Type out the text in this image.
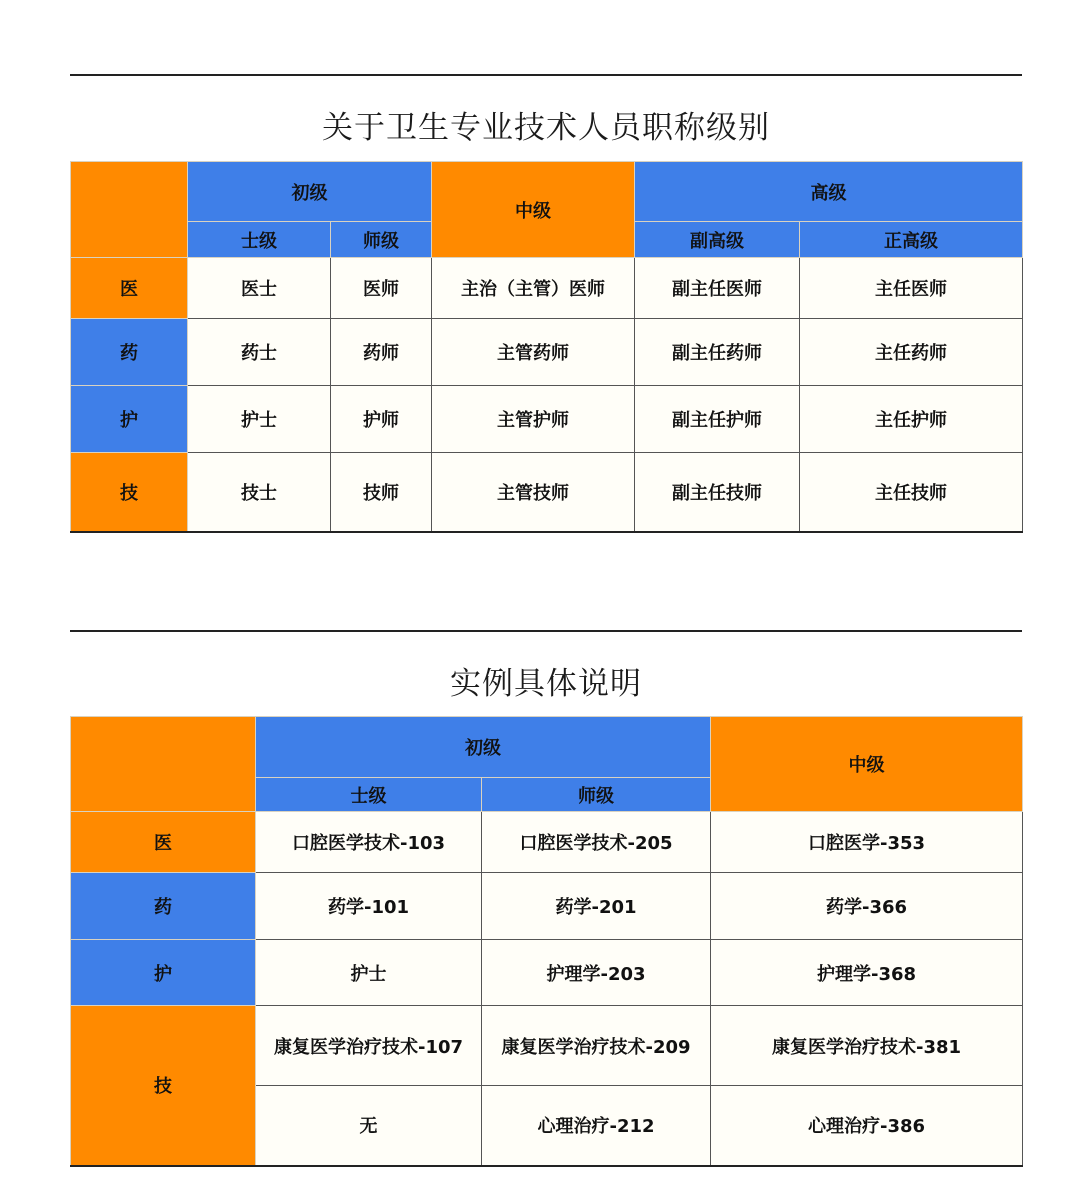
关于卫生专业技术人员职称级别
	初级		中级	高级	
	士级	师级		副高级	正高级
医	医士	医师	主治（主管）医师	副主任医师	主任医师
药	药士	药师	主管药师	副主任药师	主任药师
护	护士	护师	主管护师	副主任护师	主任护师
技	技士	技师	主管技师	副主任技师	主任技师
实例具体说明
	初级		中级
	士级	师级	
医	口腔医学技术-103	口腔医学技术-205	口腔医学-353
药	药学-101	药学-201	药学-366
护	护士	护理学-203	护理学-368
技	康复医学治疗技术-107	康复医学治疗技术-209	康复医学治疗技术-381
	无	心理治疗-212	心理治疗-386
